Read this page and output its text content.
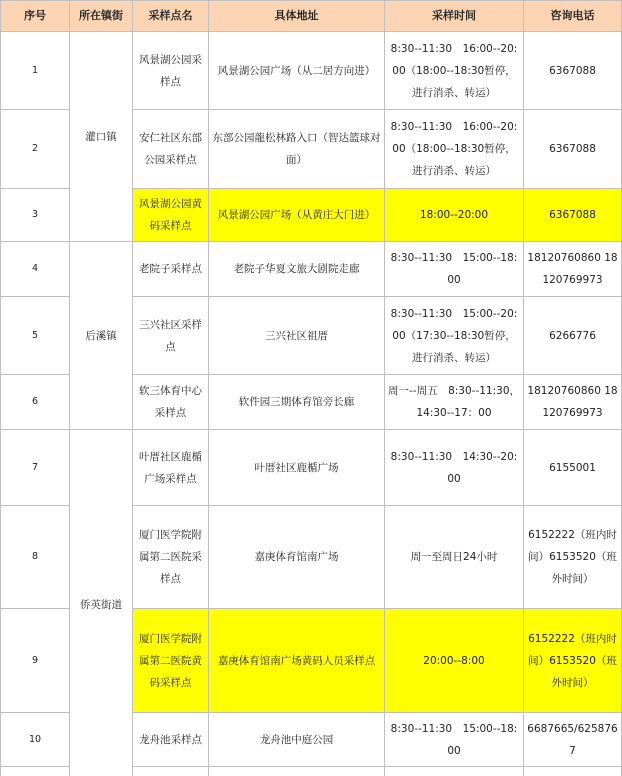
序号	所在镇街	采样点名	具体地址	采样时间	咨询电话	
1	灌口镇	风景湖公园采样点	风景湖公园广场（从二居方向进）	8:30--11:30　16:00--20:00（18:00--18:30暂停，进行消杀、转运）	6367088	
2		安仁社区东部公园采样点	东部公园龍松林路入口（智达篮球对面）	8:30--11:30　16:00--20:00（18:00--18:30暂停，进行消杀、转运）	6367088	
3		风景湖公园黄码采样点	风景湖公园广场（从黄庄大门进）	18:00--20:00	6367088	
4	后溪镇	老院子采样点	老院子华夏文旅大剧院走廊	8:30--11:30　15:00--18:00	18120760860 18120769973	
5		三兴社区采样点	三兴社区祖厝	8:30--11:30　15:00--20:00（17:30--18:30暂停，进行消杀、转运）	6266776	
6		软三体育中心采样点	软件园三期体育馆旁长廊	周一--周五　8:30--11:30，14:30--17：00	18120760860 18120769973	
7	侨英街道	叶厝社区鹿楯广场采样点	叶厝社区鹿楯广场	8:30--11:30　14:30--20:00	6155001	
8		厦门医学院附属第二医院采样点	嘉庚体育馆南广场	周一至周日24小时	6152222（班内时间）6153520（班外时间）	
9		厦门医学院附属第二医院黄码采样点	嘉庚体育馆南广场黄码人员采样点	20:00--8:00	6152222（班内时间）6153520（班外时间）	
10		龙舟池采样点	龙舟池中庭公园	8:30--11:30　15:00--18:00	6687665/6258767	
